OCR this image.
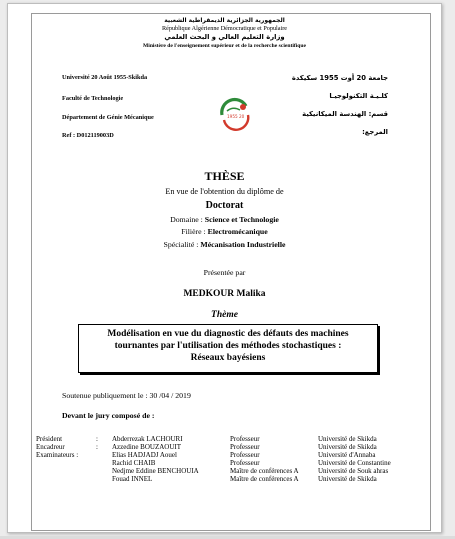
الجمهورية الجزائرية الديمقراطية الشعبية
République Algérienne Démocratique et Populaire
وزارة التعليم العالي و البحث العلمي
Ministère de l'enseignement supérieur et de la recherche scientifique
Université 20 Août 1955-Skikda
Faculté de Technologie
Département de Génie Mécanique
Ref : D012119003D
جامعة 20 أوت 1955 سكيكدة
كلـيـة التكنولوجيـا
قسم: الهندسة الميكانيكية
المرجع:
1955 20
THÈSE
En vue de l'obtention du diplôme de
Doctorat
Domaine : Science et Technologie
Filière : Electromécanique
Spécialité : Mécanisation Industrielle
Présentée par
MEDKOUR Malika
Thème
Modélisation en vue du diagnostic des défauts des machines
tournantes par l'utilisation des méthodes stochastiques :
Réseaux bayésiens
Soutenue publiquement le : 30 /04 / 2019
Devant le jury composé de :
Président
Encadreur
Examinateurs :
:
:
Abderrezak LACHOURI
Azzedine BOUZAOUIT
Elias HADJADJ Aouel
Rachid CHAIB
Nedjme Eddine BENCHOUIA
Fouad INNEL
Professeur
Professeur
Professeur
Professeur
Maître de conférences A
Maître de conférences A
Université de Skikda
Université de Skikda
Université d'Annaba
Université de Constantine
Université de Souk ahras
Université de Skikda
